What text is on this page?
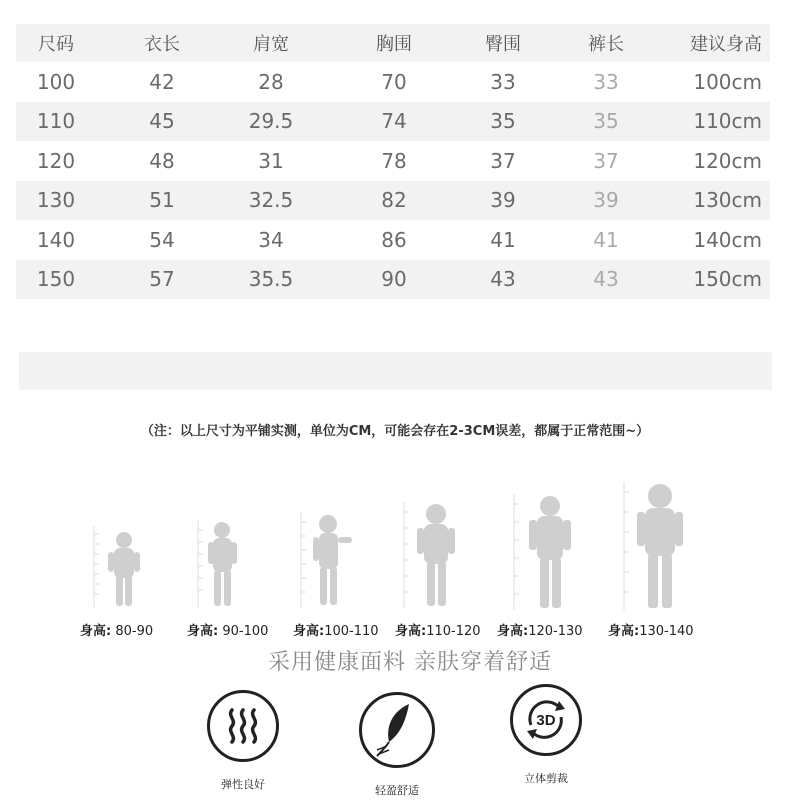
尺码	衣长	肩宽	胸围	臀围	裤长	建议身高
100	42	28	70	33	33	100cm
110	45	29.5	74	35	35	110cm
120	48	31	78	37	37	120cm
130	51	32.5	82	39	39	130cm
140	54	34	86	41	41	140cm
150	57	35.5	90	43	43	150cm
（注：以上尺寸为平铺实测，单位为CM，可能会存在2-3CM误差，都属于正常范围~）
身高: 80-90	身高: 90-100 身高:100-110 身高:110-120 身高:120-130 身高:130-140
采用健康面料 亲肤穿着舒适
弹性良好	轻盈舒适
3D
立体剪裁
